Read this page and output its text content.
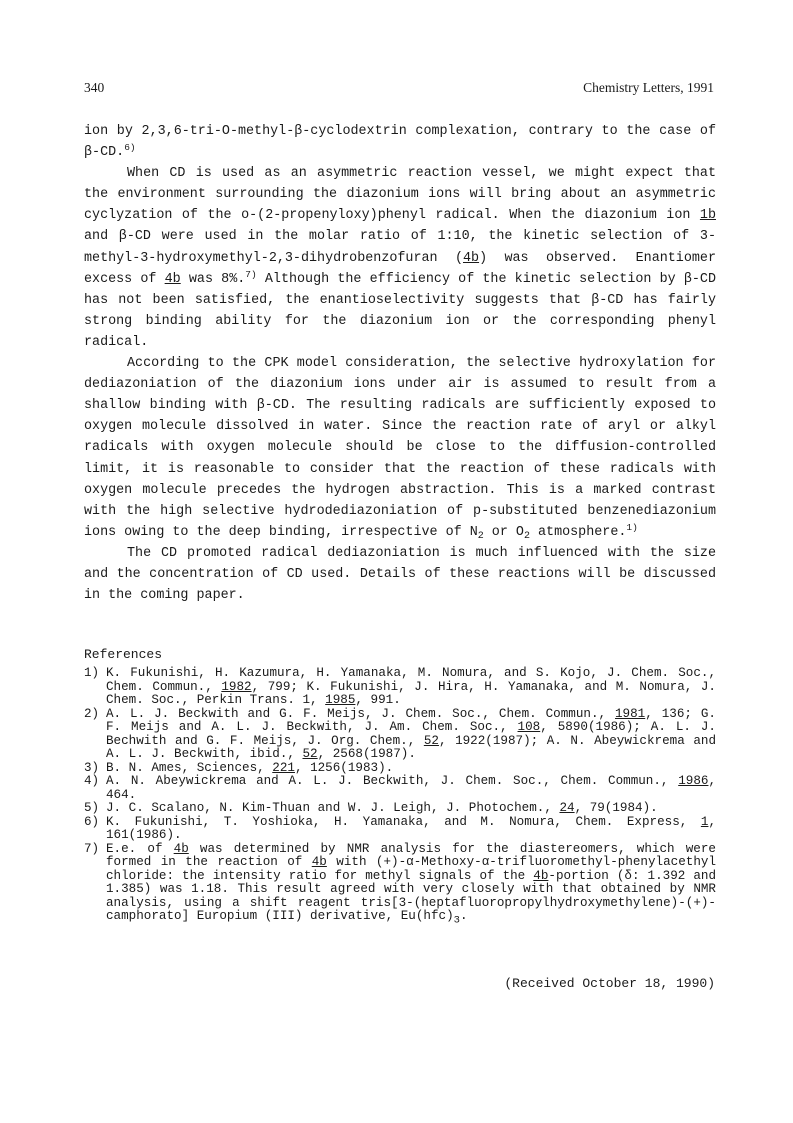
340	Chemistry Letters, 1991

ion by 2,3,6-tri-O-methyl-β-cyclodextrin complexation, contrary to the case of β-CD.$^{6)}$

When CD is used as an asymmetric reaction vessel, we might expect that the environment surrounding the diazonium ions will bring about an asymmetric cyclyzation of the o-(2-propenyloxy)phenyl radical. When the diazonium ion 1b and β-CD were used in the molar ratio of 1:10, the kinetic selection of 3-methyl-3-hydroxymethyl-2,3-dihydrobenzofuran (4b) was observed. Enantiomer excess of 4b was 8%.$^{7)}$ Although the efficiency of the kinetic selection by β-CD has not been satisfied, the enantioselectivity suggests that β-CD has fairly strong binding ability for the diazonium ion or the corresponding phenyl radical.

According to the CPK model consideration, the selective hydroxylation for dediazoniation of the diazonium ions under air is assumed to result from a shallow binding with β-CD. The resulting radicals are sufficiently exposed to oxygen molecule dissolved in water. Since the reaction rate of aryl or alkyl radicals with oxygen molecule should be close to the diffusion-controlled limit, it is reasonable to consider that the reaction of these radicals with oxygen molecule precedes the hydrogen abstraction. This is a marked contrast with the high selective hydrodediazoniation of p-substituted benzenediazonium ions owing to the deep binding, irrespective of $N_2$ or $O_2$ atmosphere.$^{1)}$

The CD promoted radical dediazoniation is much influenced with the size and the concentration of CD used. Details of these reactions will be discussed in the coming paper.

References
1) K. Fukunishi, H. Kazumura, H. Yamanaka, M. Nomura, and S. Kojo, J. Chem. Soc., Chem. Commun., 1982, 799; K. Fukunishi, J. Hira, H. Yamanaka, and M. Nomura, J. Chem. Soc., Perkin Trans. 1, 1985, 991.
2) A. L. J. Beckwith and G. F. Meijs, J. Chem. Soc., Chem. Commun., 1981, 136; G. F. Meijs and A. L. J. Beckwith, J. Am. Chem. Soc., 108, 5890(1986); A. L. J. Bechwith and G. F. Meijs, J. Org. Chem., 52, 1922(1987); A. N. Abeywickrema and A. L. J. Beckwith, ibid., 52, 2568(1987).
3) B. N. Ames, Sciences, 221, 1256(1983).
4) A. N. Abeywickrema and A. L. J. Beckwith, J. Chem. Soc., Chem. Commun., 1986, 464.
5) J. C. Scalano, N. Kim-Thuan and W. J. Leigh, J. Photochem., 24, 79(1984).
6) K. Fukunishi, T. Yoshioka, H. Yamanaka, and M. Nomura, Chem. Express, 1, 161(1986).
7) E.e. of 4b was determined by NMR analysis for the diastereomers, which were formed in the reaction of 4b with (+)-α-Methoxy-α-trifluoromethyl-phenylacethyl chloride: the intensity ratio for methyl signals of the 4b-portion (δ: 1.392 and 1.385) was 1.18. This result agreed with very closely with that obtained by NMR analysis, using a shift reagent tris[3-(heptafluoropropylhydroxymethylene)-(+)-camphorato] Europium (III) derivative, $Eu(hfc)_3$.
(Received October 18, 1990)
